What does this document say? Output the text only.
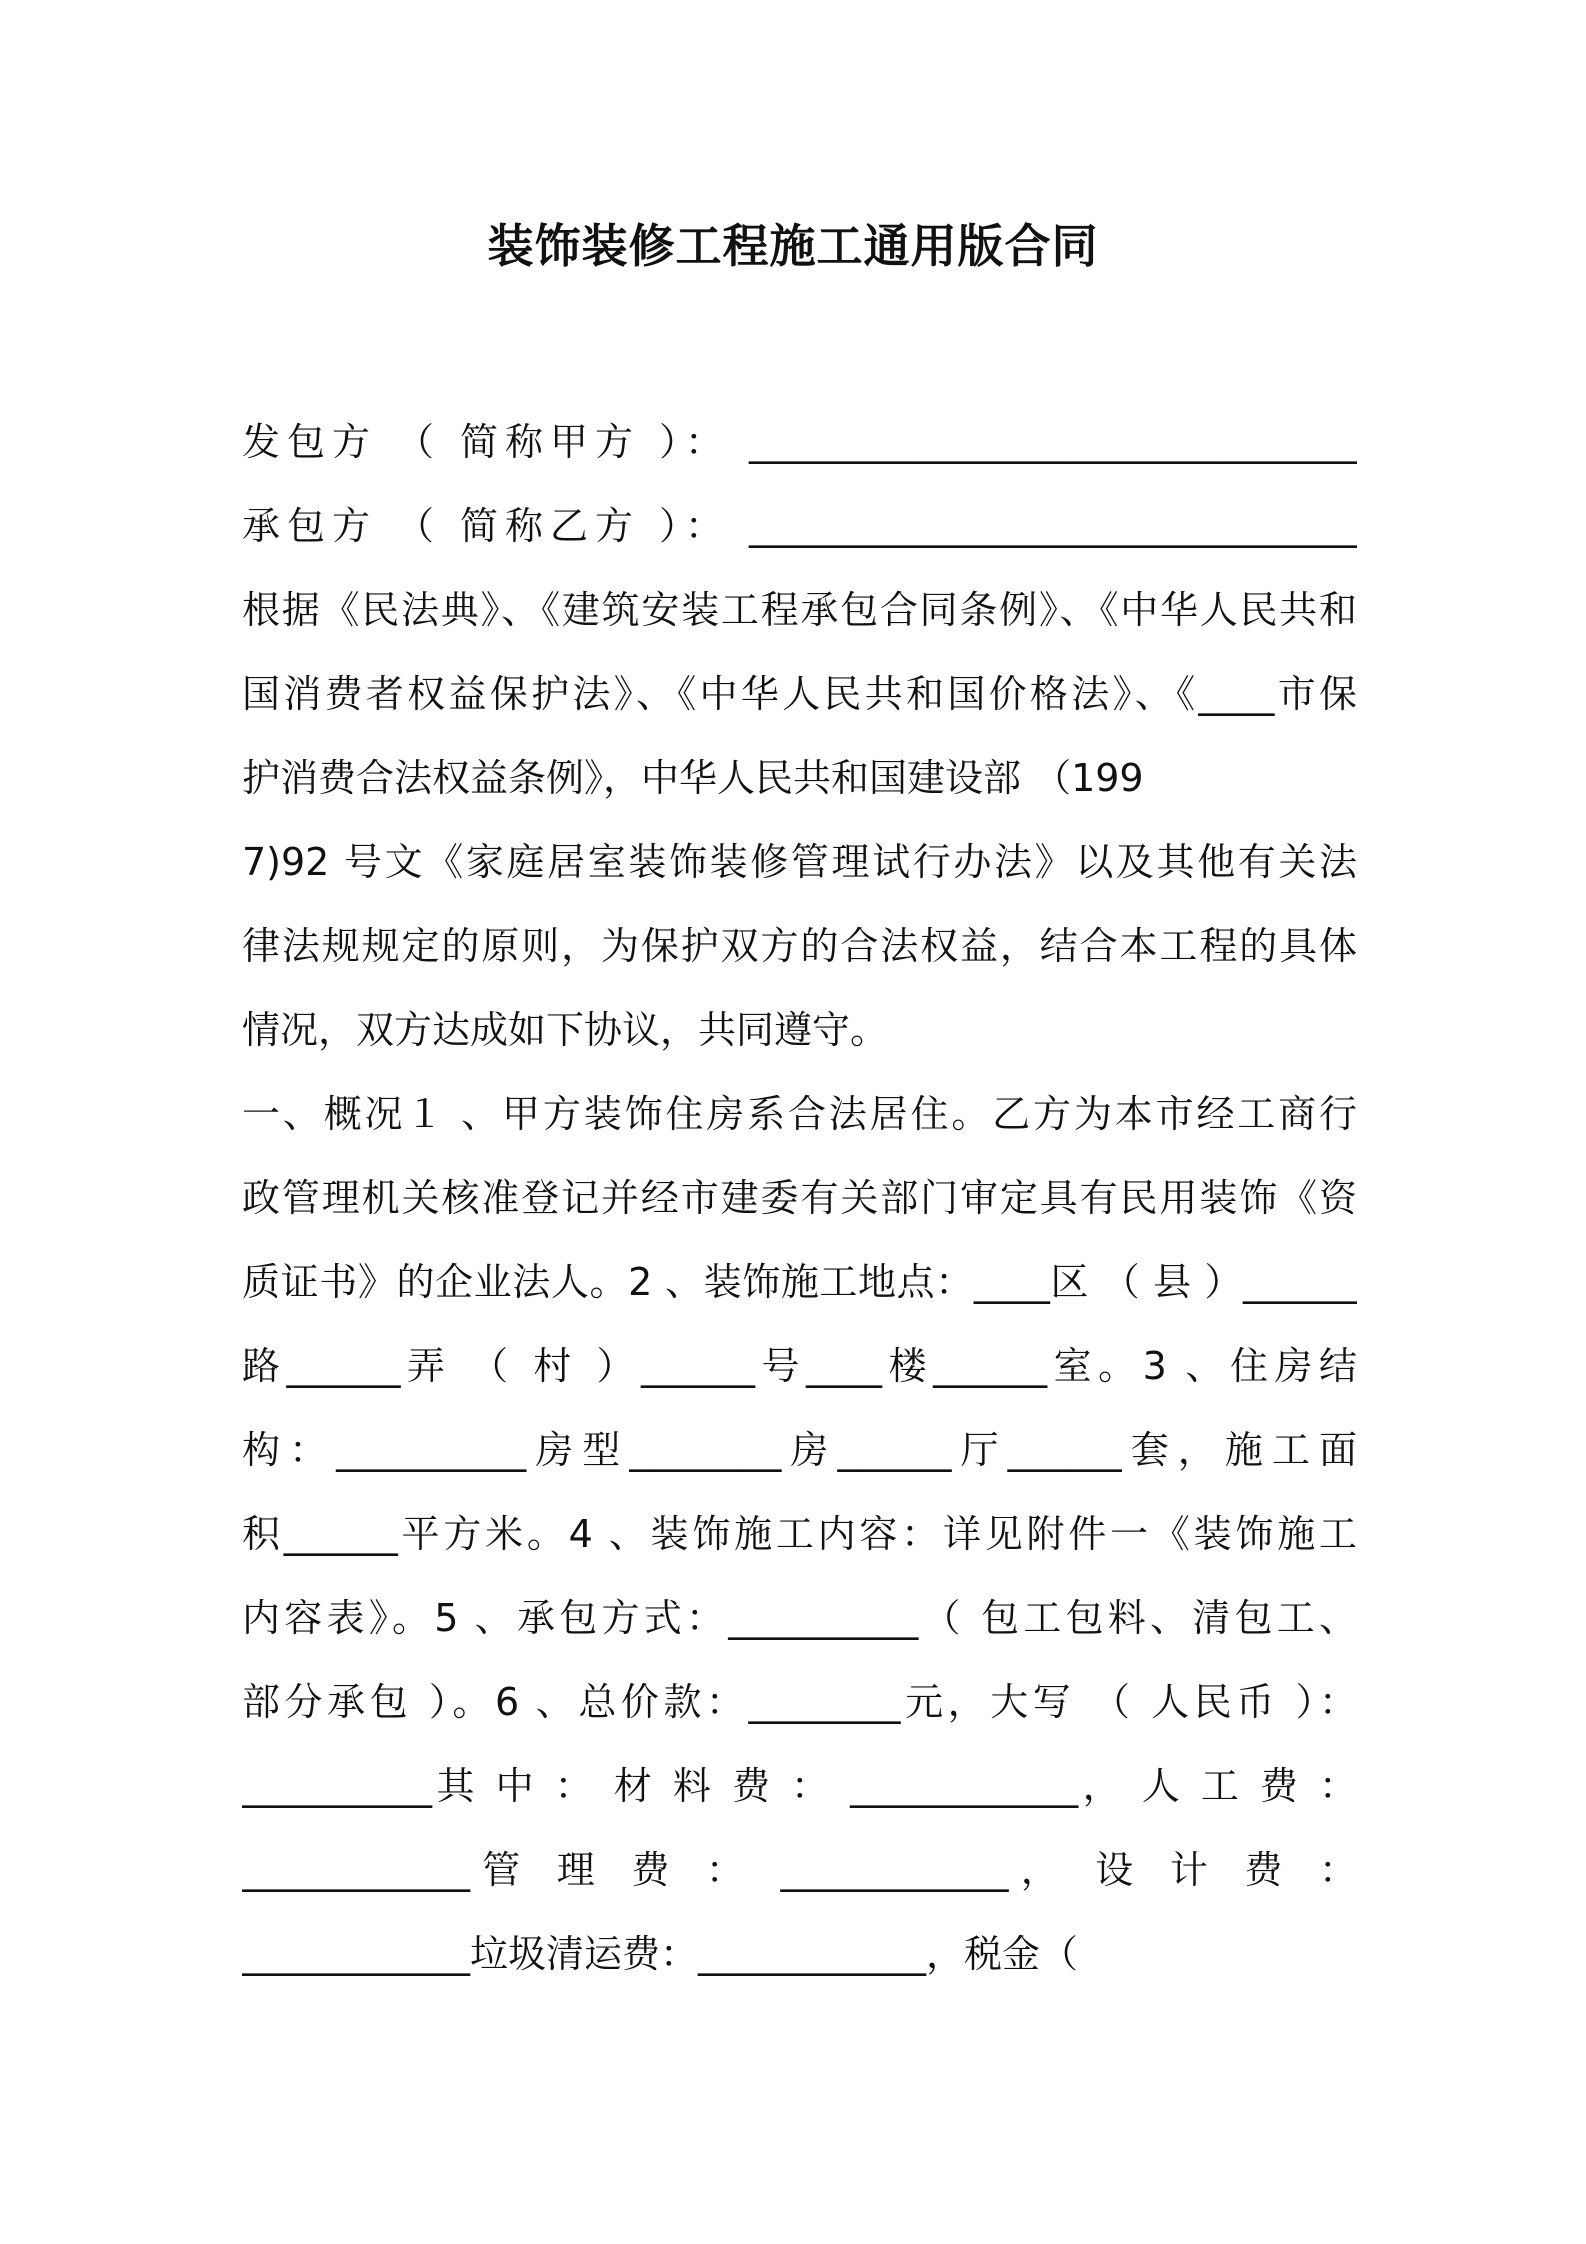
装饰装修工程施工通用版合同

发包方 （ 简称甲方 ）： ________________________________

承包方 （ 简称乙方 ）： ________________________________

根据《民法典》、《建筑安装工程承包合同条例》、《中华人民共和

国消费者权益保护法》、《中华人民共和国价格法》、《____市保

护消费合法权益条例》，中华人民共和国建设部 （199

7)92 号文《家庭居室装饰装修管理试行办法》以及其他有关法

律法规规定的原则，为保护双方的合法权益，结合本工程的具体

情况，双方达成如下协议，共同遵守。

一、概况１ 、甲方装饰住房系合法居住。乙方为本市经工商行

政管理机关核准登记并经市建委有关部门审定具有民用装饰《资

质证书》的企业法人。2 、装饰施工地点：____区 （ 县 ）______

路______弄 （ 村 ）______号____楼______室。3 、住房结

构：__________房型________房______厅______套，施工面

积______平方米。4 、装饰施工内容：详见附件一《装饰施工

内容表》。5 、承包方式：__________（ 包工包料、清包工、

部分承包 ）。6 、总价款：________元，大写 （ 人民币 ）：

__________其 中 ： 材 料 费 ： ____________， 人 工 费 ：

____________管 理 费 ： ____________， 设 计 费 ：

____________垃圾清运费：____________，税金（
